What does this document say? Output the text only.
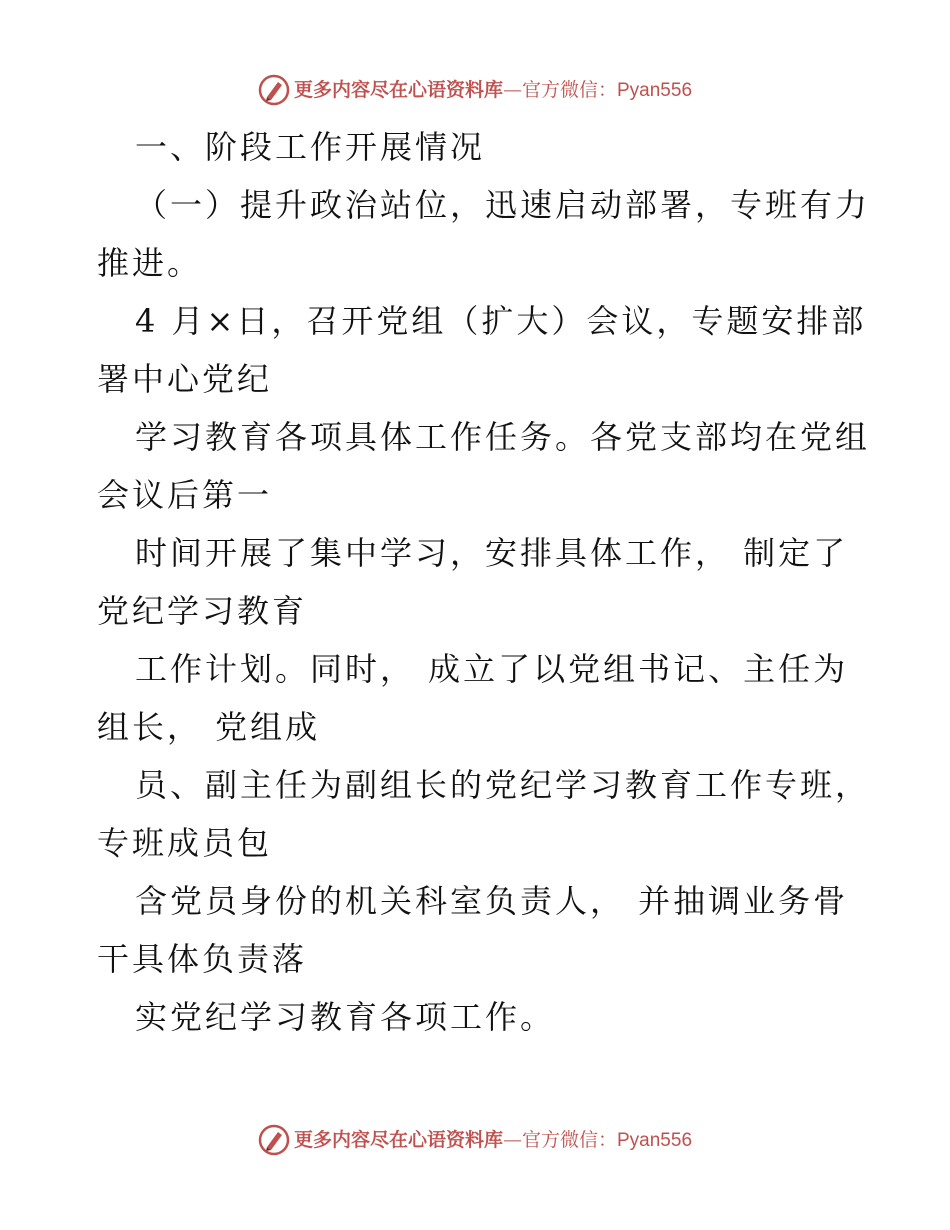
更多内容尽在心语资料库—官方微信：Pyan556
一、阶段工作开展情况
（一）提升政治站位，迅速启动部署，专班有力
推进。
4 月×日，召开党组（扩大）会议，专题安排部
署中心党纪
学习教育各项具体工作任务。各党支部均在党组
会议后第一
时间开展了集中学习，安排具体工作， 制定了
党纪学习教育
工作计划。同时， 成立了以党组书记、主任为
组长， 党组成
员、副主任为副组长的党纪学习教育工作专班，
专班成员包
含党员身份的机关科室负责人， 并抽调业务骨
干具体负责落
实党纪学习教育各项工作。
更多内容尽在心语资料库—官方微信：Pyan556
